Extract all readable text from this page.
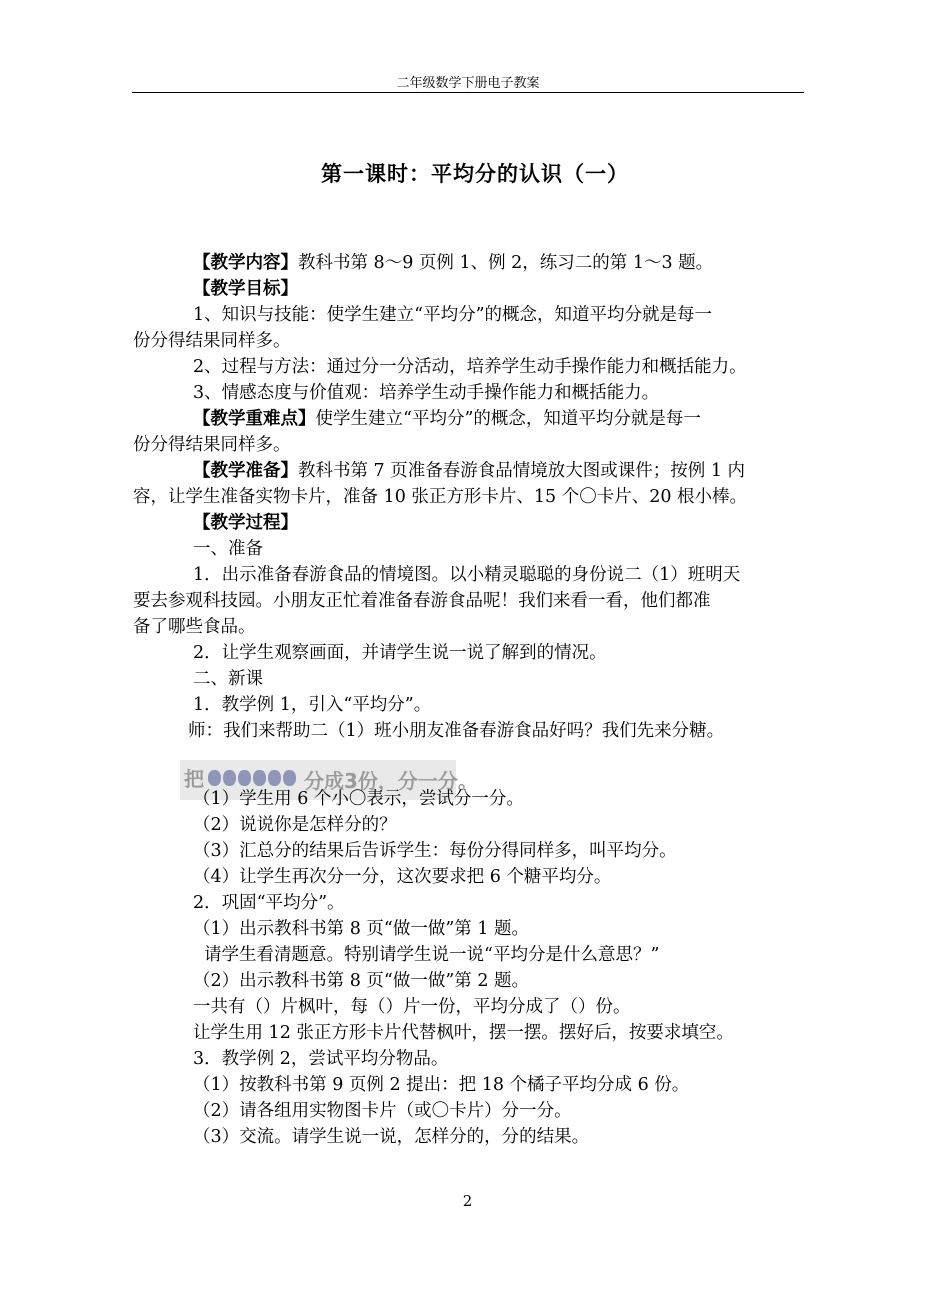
二年级数学下册电子教案
第一课时：平均分的认识（一）
【教学内容】教科书第 8～9 页例 1、例 2，练习二的第 1～3 题。
【教学目标】
1、知识与技能：使学生建立“平均分”的概念，知道平均分就是每一
份分得结果同样多。
2、过程与方法：通过分一分活动，培养学生动手操作能力和概括能力。
3、情感态度与价值观：培养学生动手操作能力和概括能力。
【教学重难点】使学生建立“平均分”的概念，知道平均分就是每一
份分得结果同样多。
【教学准备】教科书第 7 页准备春游食品情境放大图或课件；按例 1 内
容，让学生准备实物卡片，准备 10 张正方形卡片、15 个〇卡片、20 根小棒。
【教学过程】
一、准备
1．出示准备春游食品的情境图。以小精灵聪聪的身份说二（1）班明天
要去参观科技园。小朋友正忙着准备春游食品呢！我们来看一看，他们都准
备了哪些食品。
2．让学生观察画面，并请学生说一说了解到的情况。
二、新课
1．教学例 1，引入“平均分”。
师：我们来帮助二（1）班小朋友准备春游食品好吗？我们先来分糖。
把	分成3份，分一分。
（1）学生用 6 个小〇表示，尝试分一分。
（2）说说你是怎样分的？
（3）汇总分的结果后告诉学生：每份分得同样多，叫平均分。
（4）让学生再次分一分，这次要求把 6 个糖平均分。
2．巩固“平均分”。
（1）出示教科书第 8 页“做一做”第 1 题。
请学生看清题意。特别请学生说一说“平均分是什么意思？”
（2）出示教科书第 8 页“做一做”第 2 题。
一共有（）片枫叶，每（）片一份，平均分成了（）份。
让学生用 12 张正方形卡片代替枫叶，摆一摆。摆好后，按要求填空。
3．教学例 2，尝试平均分物品。
（1）按教科书第 9 页例 2 提出：把 18 个橘子平均分成 6 份。
（2）请各组用实物图卡片（或〇卡片）分一分。
（3）交流。请学生说一说，怎样分的，分的结果。
2
